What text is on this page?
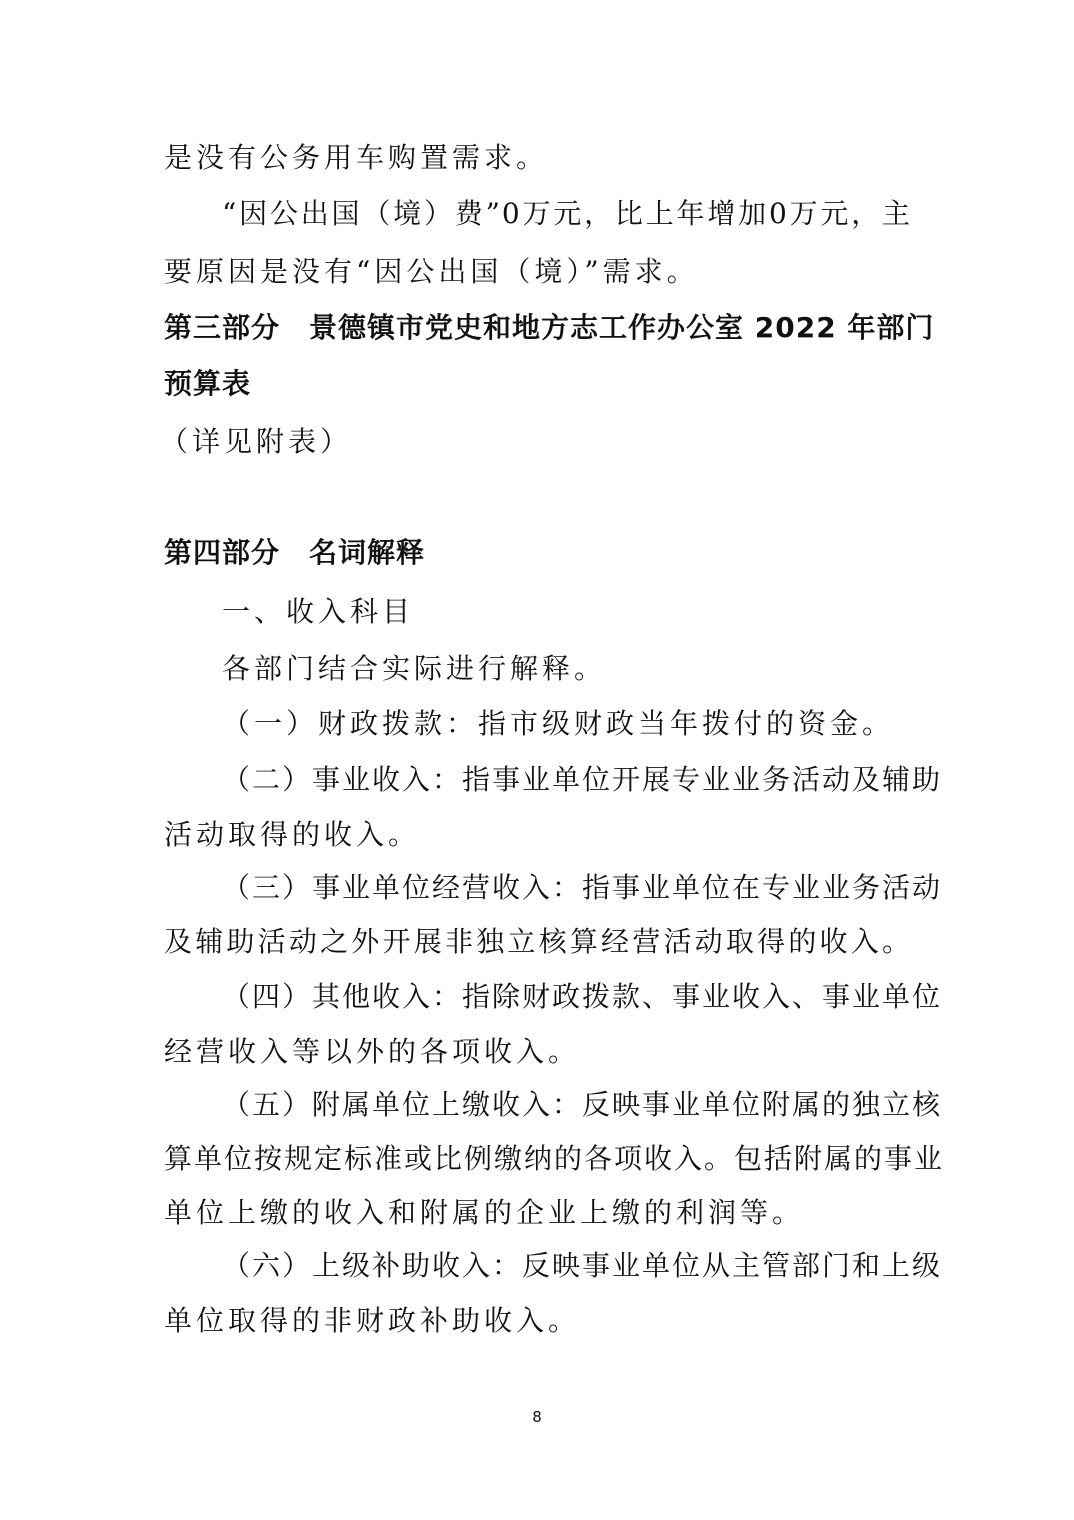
是没有公务用车购置需求。
“因公出国（境）费”0万元，比上年增加0万元，主
要原因是没有“因公出国（境）”需求。
第三部分　景德镇市党史和地方志工作办公室 2022 年部门
预算表
（详见附表）
第四部分　名词解释
一、收入科目
各部门结合实际进行解释。
（一）财政拨款：指市级财政当年拨付的资金。
（二）事业收入：指事业单位开展专业业务活动及辅助
活动取得的收入。
（三）事业单位经营收入：指事业单位在专业业务活动
及辅助活动之外开展非独立核算经营活动取得的收入。
（四）其他收入：指除财政拨款、事业收入、事业单位
经营收入等以外的各项收入。
（五）附属单位上缴收入：反映事业单位附属的独立核
算单位按规定标准或比例缴纳的各项收入。包括附属的事业
单位上缴的收入和附属的企业上缴的利润等。
（六）上级补助收入：反映事业单位从主管部门和上级
单位取得的非财政补助收入。
8
